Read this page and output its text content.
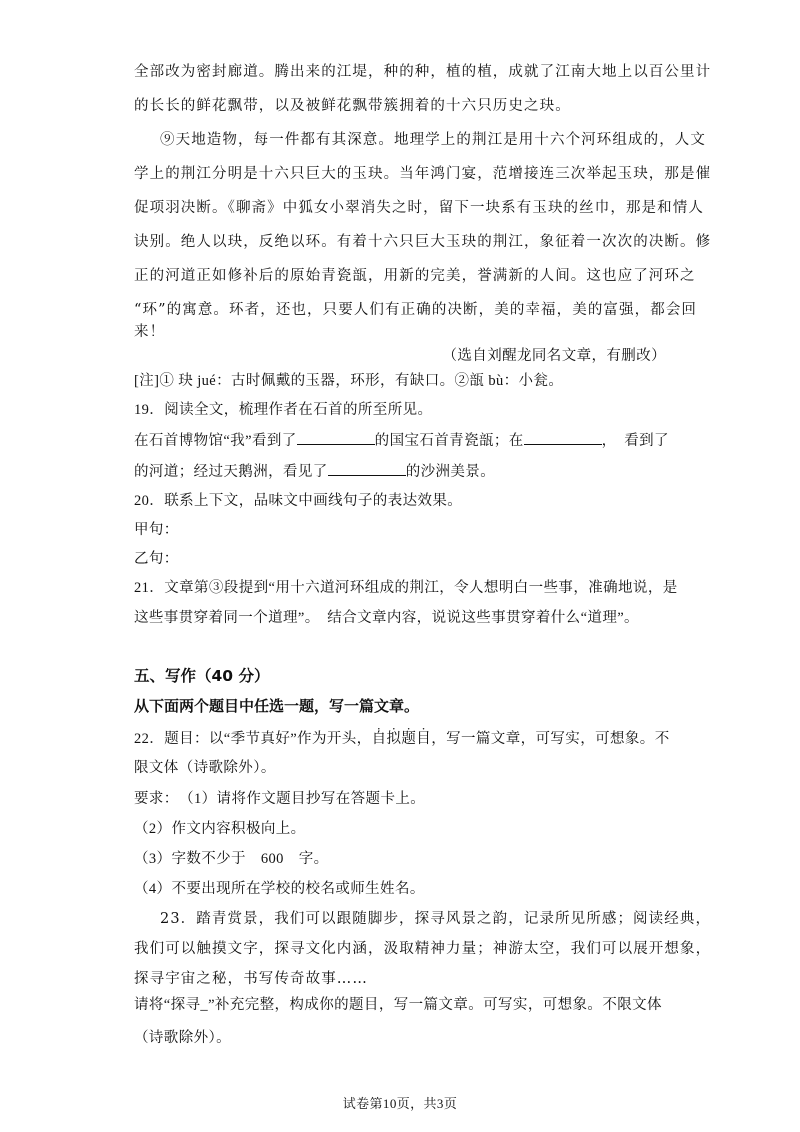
全部改为密封廊道。腾出来的江堤，种的种，植的植，成就了江南大地上以百公里计
的长长的鲜花飘带，以及被鲜花飘带簇拥着的十六只历史之玦。
⑨天地造物，每一件都有其深意。地理学上的荆江是用十六个河环组成的，人文
学上的荆江分明是十六只巨大的玉玦。当年鸿门宴，范增接连三次举起玉玦，那是催
促项羽决断。《聊斋》中狐女小翠消失之时，留下一块系有玉玦的丝巾，那是和情人
诀别。绝人以玦，反绝以环。有着十六只巨大玉玦的荆江，象征着一次次的决断。修
正的河道正如修补后的原始青瓷瓿，用新的完美，誉满新的人间。这也应了河环之
“环”的寓意。环者，还也，只要人们有正确的决断，美的幸福，美的富强，都会回
来！
（选自刘醒龙同名文章，有删改）
[注]① 玦 jué：古时佩戴的玉器，环形，有缺口。②瓿 bù：小瓮。
19．阅读全文，梳理作者在石首的所至所见。
在石首博物馆“我”看到了	的国宝石首青瓷瓿；在	，　看到了
的河道；经过天鹅洲，看见了	的沙洲美景。
20．联系上下文，品味文中画线句子的表达效果。
甲句：
乙句：
21．文章第③段提到“用十六道河环组成的荆江，令人想明白一些事，准确地说，是
这些事贯穿着同一个道理”。　结合文章内容，说说这些事贯穿着什么“道理”。
五、写作（40 分）
从下面两个题目中任选一题，写一篇文章。
22．题目：以“季节真好”作为开头，自拟题目，写一篇文章，可写实，可想象。不
限文体（诗歌除外）。
要求：　（1）请将作文题目抄写在答题卡上。
（2）作文内容积极向上。
（3）字数不少于　600　字。
（4）不要出现所在学校的校名或师生姓名。
23．踏青赏景，我们可以跟随脚步，探寻风景之韵，记录所见所感；阅读经典，
我们可以触摸文字，探寻文化内涵，汲取精神力量；神游太空，我们可以展开想象，
探寻宇宙之秘，书写传奇故事……
请将“探寻_”补充完整，构成你的题目，写一篇文章。可写实，可想象。不限文体
（诗歌除外）。
试卷第10页，共3页
